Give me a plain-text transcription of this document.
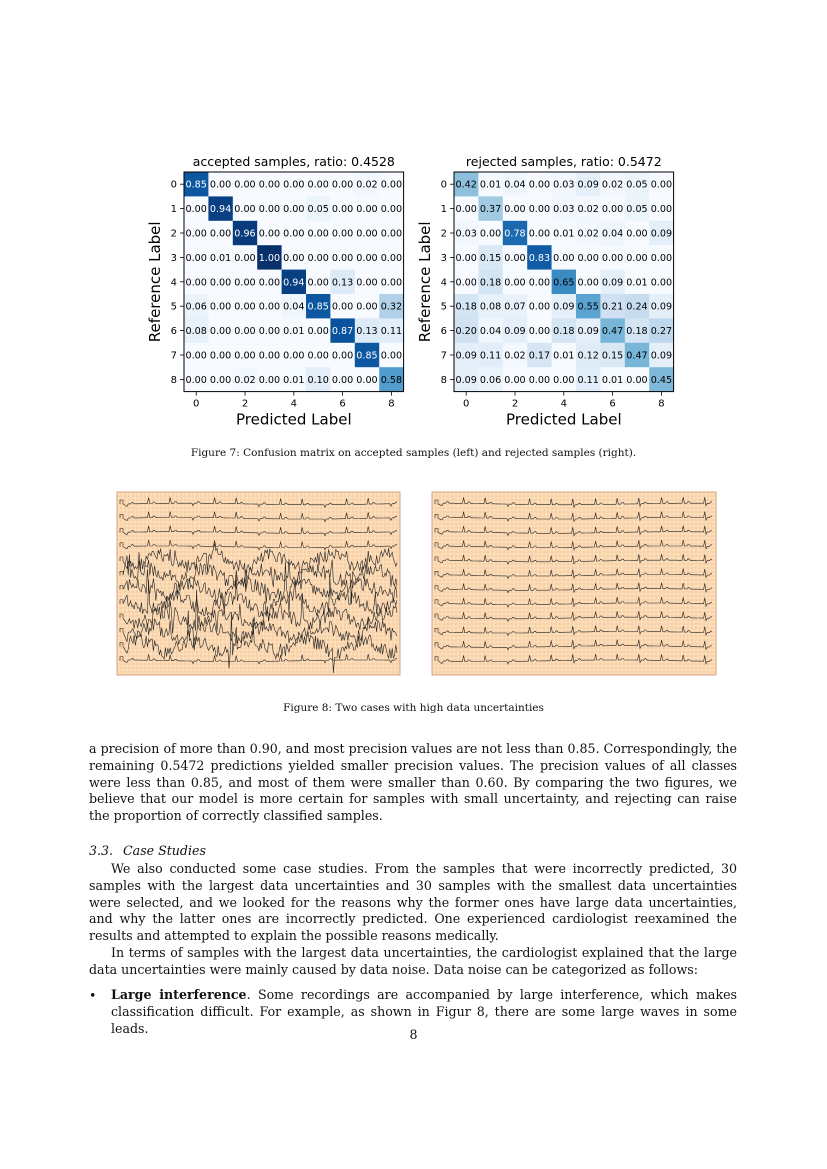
accepted samples, ratio: 0.4528
0.85 0.00 0.00 0.00 0.00 0.00 0.00 0.02 0.00
0.00 0.94 0.00 0.00 0.00 0.05 0.00 0.00 0.00
0.00 0.00 0.96 0.00 0.00 0.00 0.00 0.00 0.00
0.00 0.01 0.00 1.00 0.00 0.00 0.00 0.00 0.00
0.00 0.00 0.00 0.00 0.94 0.00 0.13 0.00 0.00
0.06 0.00 0.00 0.00 0.04 0.85 0.00 0.00 0.32
0.08 0.00 0.00 0.00 0.01 0.00 0.87 0.13 0.11
0.00 0.00 0.00 0.00 0.00 0.00 0.00 0.85 0.00
0.00 0.00 0.02 0.00 0.01 0.10 0.00 0.00 0.58
0
1
2
3
4
5
6
7
8
0	2	4	6	8
Predicted Label
Reference Label
rejected samples, ratio: 0.5472
0.42 0.01 0.04 0.00 0.03 0.09 0.02 0.05 0.00
0.00 0.37 0.00 0.00 0.03 0.02 0.00 0.05 0.00
0.03 0.00 0.78 0.00 0.01 0.02 0.04 0.00 0.09
0.00 0.15 0.00 0.83 0.00 0.00 0.00 0.00 0.00
0.00 0.18 0.00 0.00 0.65 0.00 0.09 0.01 0.00
0.18 0.08 0.07 0.00 0.09 0.55 0.21 0.24 0.09
0.20 0.04 0.09 0.00 0.18 0.09 0.47 0.18 0.27
0.09 0.11 0.02 0.17 0.01 0.12 0.15 0.47 0.09
0.09 0.06 0.00 0.00 0.00 0.11 0.01 0.00 0.45
0
1
2
3
4
5
6
7
8
0	2	4	6	8
Predicted Label
Reference Label
Figure 7: Confusion matrix on accepted samples (left) and rejected samples (right).
Figure 8: Two cases with high data uncertainties

a precision of more than 0.90, and most precision values are not less than 0.85. Correspondingly, the remaining 0.5472 predictions yielded smaller precision values. The precision values of all classes were less than 0.85, and most of them were smaller than 0.60. By comparing the two figures, we believe that our model is more certain for samples with small uncertainty, and rejecting can raise the proportion of correctly classified samples.

3.3. Case Studies

We also conducted some case studies. From the samples that were incorrectly predicted, 30 samples with the largest data uncertainties and 30 samples with the smallest data uncertainties were selected, and we looked for the reasons why the former ones have large data uncertainties, and why the latter ones are incorrectly predicted. One experienced cardiologist reexamined the results and attempted to explain the possible reasons medically.

In terms of samples with the largest data uncertainties, the cardiologist explained that the large data uncertainties were mainly caused by data noise. Data noise can be categorized as follows:

• Large interference. Some recordings are accompanied by large interference, which makes classification difficult. For example, as shown in Figur 8, there are some large waves in some leads.	8
